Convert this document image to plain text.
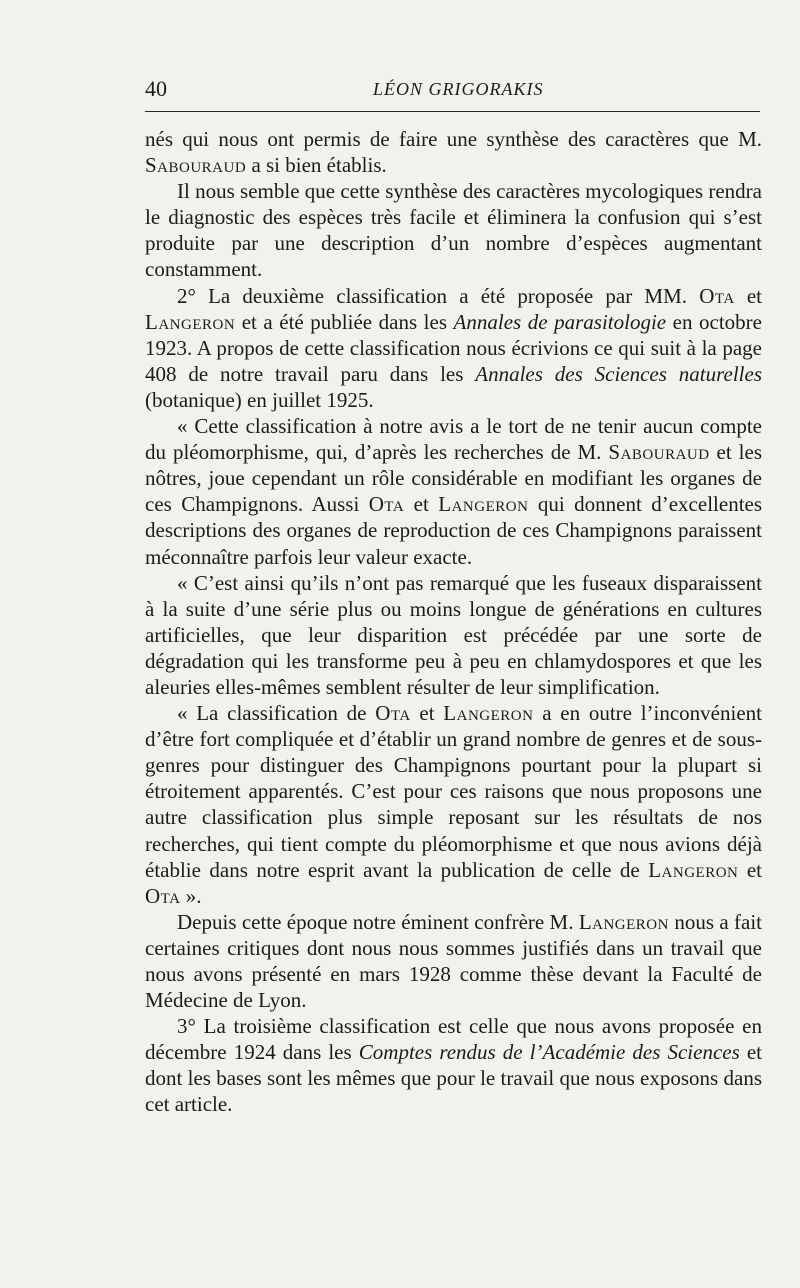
40	LÉON GRIGORAKIS

nés qui nous ont permis de faire une synthèse des caractères que M. Sabouraud a si bien établis.

Il nous semble que cette synthèse des caractères mycologiques rendra le diagnostic des espèces très facile et éliminera la confusion qui s’est produite par une description d’un nombre d’espèces augmentant constamment.

2° La deuxième classification a été proposée par MM. Ota et Langeron et a été publiée dans les Annales de parasitologie en octobre 1923. A propos de cette classification nous écrivions ce qui suit à la page 408 de notre travail paru dans les Annales des Sciences naturelles (botanique) en juillet 1925.

« Cette classification à notre avis a le tort de ne tenir aucun compte du pléomorphisme, qui, d’après les recherches de M. Sabouraud et les nôtres, joue cependant un rôle considérable en modifiant les organes de ces Champignons. Aussi Ota et Langeron qui donnent d’excellentes descriptions des organes de reproduction de ces Champignons paraissent méconnaître parfois leur valeur exacte.

« C’est ainsi qu’ils n’ont pas remarqué que les fuseaux disparaissent à la suite d’une série plus ou moins longue de générations en cultures artificielles, que leur disparition est précédée par une sorte de dégradation qui les transforme peu à peu en chlamydospores et que les aleuries elles-mêmes semblent résulter de leur simplification.

« La classification de Ota et Langeron a en outre l’inconvénient d’être fort compliquée et d’établir un grand nombre de genres et de sous-genres pour distinguer des Champignons pourtant pour la plupart si étroitement apparentés. C’est pour ces raisons que nous proposons une autre classification plus simple reposant sur les résultats de nos recherches, qui tient compte du pléomorphisme et que nous avions déjà établie dans notre esprit avant la publication de celle de Langeron et Ota ».

Depuis cette époque notre éminent confrère M. Langeron nous a fait certaines critiques dont nous nous sommes justifiés dans un travail que nous avons présenté en mars 1928 comme thèse devant la Faculté de Médecine de Lyon.

3° La troisième classification est celle que nous avons proposée en décembre 1924 dans les Comptes rendus de l’Académie des Sciences et dont les bases sont les mêmes que pour le travail que nous exposons dans cet article.
